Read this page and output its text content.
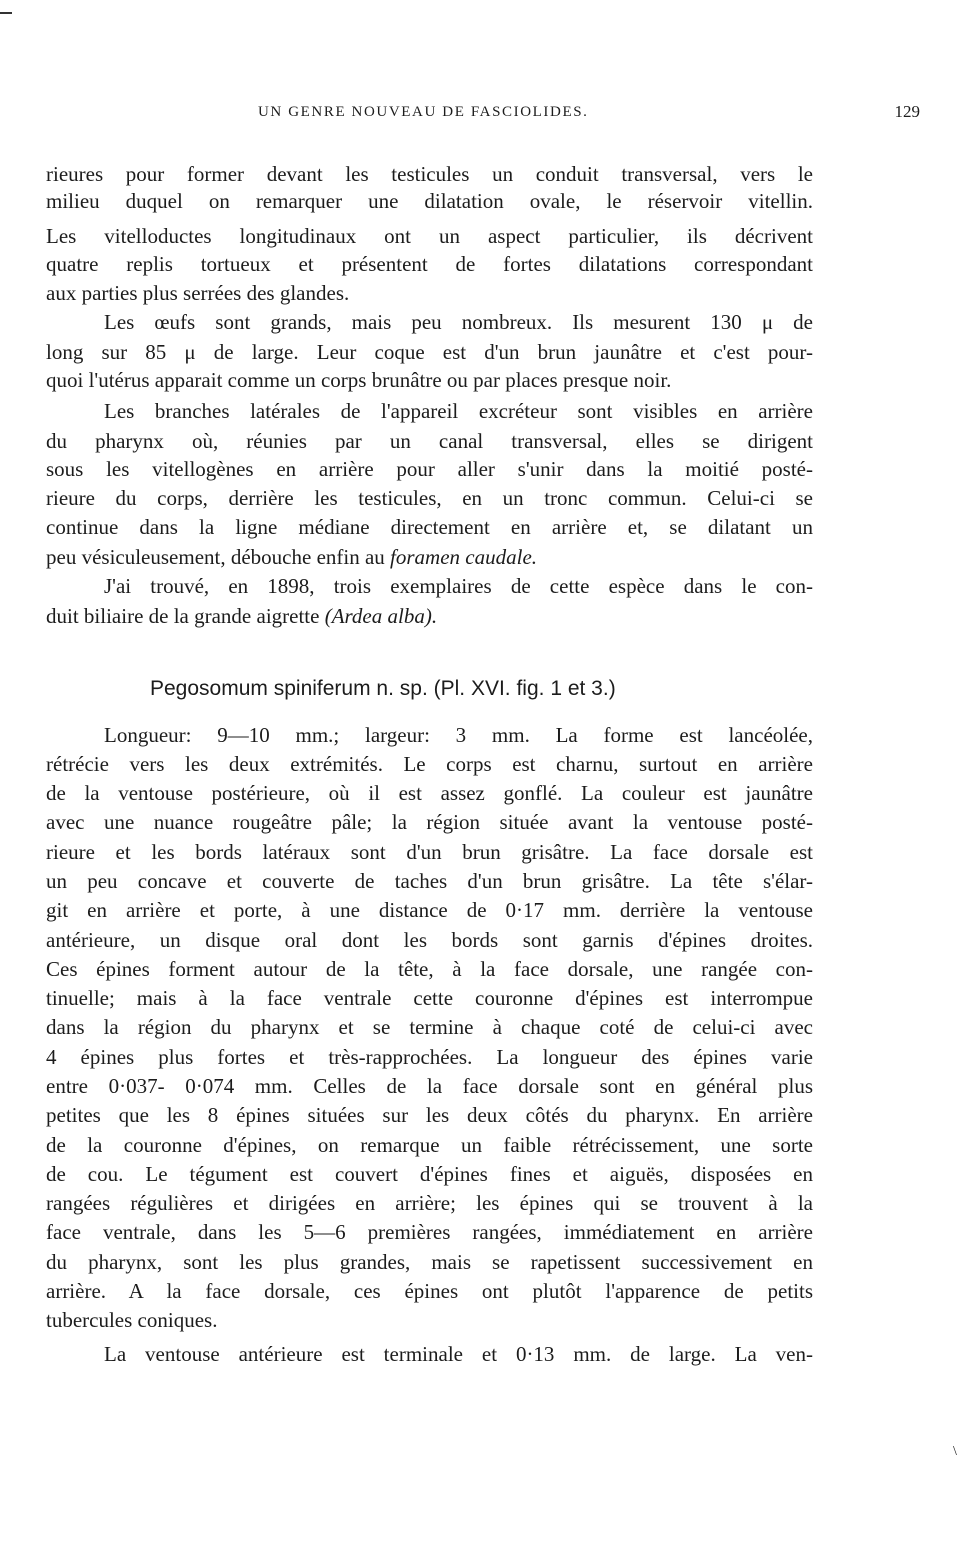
UN GENRE NOUVEAU DE FASCIOLIDES.	129
rieures pour former devant les testicules un conduit transversal, vers le
milieu duquel on remarquer une dilatation ovale, le réservoir vitellin.
Les vitelloductes longitudinaux ont un aspect particulier, ils décrivent
quatre replis tortueux et présentent de fortes dilatations correspondant
aux parties plus serrées des glandes.
Les œufs sont grands, mais peu nombreux. Ils mesurent 130 μ de
long sur 85 μ de large. Leur coque est d'un brun jaunâtre et c'est pour-
quoi l'utérus apparait comme un corps brunâtre ou par places presque noir.
Les branches latérales de l'appareil excréteur sont visibles en arrière
du pharynx où, réunies par un canal transversal, elles se dirigent
sous les vitellogènes en arrière pour aller s'unir dans la moitié posté-
rieure du corps, derrière les testicules, en un tronc commun. Celui-ci se
continue dans la ligne médiane directement en arrière et, se dilatant un
peu vésiculeusement, débouche enfin au foramen caudale.
J'ai trouvé, en 1898, trois exemplaires de cette espèce dans le con-
duit biliaire de la grande aigrette (Ardea alba).
Pegosomum spiniferum n. sp. (Pl. XVI. fig. 1 et 3.)
Longueur: 9—10 mm.; largeur: 3 mm. La forme est lancéolée,
rétrécie vers les deux extrémités. Le corps est charnu, surtout en arrière
de la ventouse postérieure, où il est assez gonflé. La couleur est jaunâtre
avec une nuance rougeâtre pâle; la région située avant la ventouse posté-
rieure et les bords latéraux sont d'un brun grisâtre. La face dorsale est
un peu concave et couverte de taches d'un brun grisâtre. La tête s'élar-
git en arrière et porte, à une distance de 0·17 mm. derrière la ventouse
antérieure, un disque oral dont les bords sont garnis d'épines droites.
Ces épines forment autour de la tête, à la face dorsale, une rangée con-
tinuelle; mais à la face ventrale cette couronne d'épines est interrompue
dans la région du pharynx et se termine à chaque coté de celui-ci avec
4 épines plus fortes et très-rapprochées. La longueur des épines varie
entre 0·037- 0·074 mm. Celles de la face dorsale sont en général plus
petites que les 8 épines situées sur les deux côtés du pharynx. En arrière
de la couronne d'épines, on remarque un faible rétrécissement, une sorte
de cou. Le tégument est couvert d'épines fines et aiguës, disposées en
rangées régulières et dirigées en arrière; les épines qui se trouvent à la
face ventrale, dans les 5—6 premières rangées, immédiatement en arrière
du pharynx, sont les plus grandes, mais se rapetissent successivement en
arrière. A la face dorsale, ces épines ont plutôt l'apparence de petits
tubercules coniques.
La ventouse antérieure est terminale et 0·13 mm. de large. La ven-
\
